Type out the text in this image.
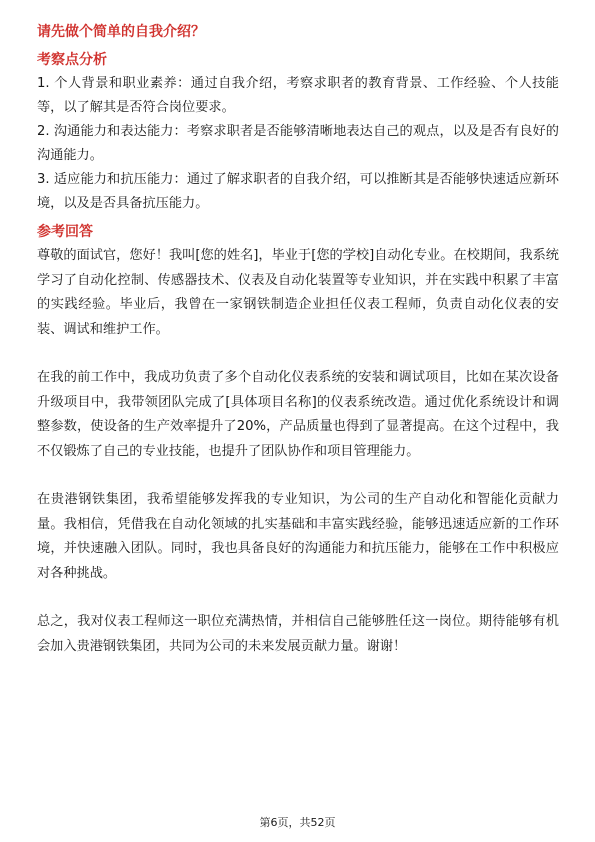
请先做个简单的自我介绍？

考察点分析

1. 个人背景和职业素养：通过自我介绍，考察求职者的教育背景、工作经验、个人技能等，以了解其是否符合岗位要求。

2. 沟通能力和表达能力：考察求职者是否能够清晰地表达自己的观点，以及是否有良好的沟通能力。

3. 适应能力和抗压能力：通过了解求职者的自我介绍，可以推断其是否能够快速适应新环境，以及是否具备抗压能力。

参考回答

尊敬的面试官，您好！我叫[您的姓名]，毕业于[您的学校]自动化专业。在校期间，我系统学习了自动化控制、传感器技术、仪表及自动化装置等专业知识，并在实践中积累了丰富的实践经验。毕业后，我曾在一家钢铁制造企业担任仪表工程师，负责自动化仪表的安装、调试和维护工作。

在我的前工作中，我成功负责了多个自动化仪表系统的安装和调试项目，比如在某次设备升级项目中，我带领团队完成了[具体项目名称]的仪表系统改造。通过优化系统设计和调整参数，使设备的生产效率提升了20%，产品质量也得到了显著提高。在这个过程中，我不仅锻炼了自己的专业技能，也提升了团队协作和项目管理能力。

在贵港钢铁集团，我希望能够发挥我的专业知识，为公司的生产自动化和智能化贡献力量。我相信，凭借我在自动化领域的扎实基础和丰富实践经验，能够迅速适应新的工作环境，并快速融入团队。同时，我也具备良好的沟通能力和抗压能力，能够在工作中积极应对各种挑战。

总之，我对仪表工程师这一职位充满热情，并相信自己能够胜任这一岗位。期待能够有机会加入贵港钢铁集团，共同为公司的未来发展贡献力量。谢谢！

第6页，共52页
